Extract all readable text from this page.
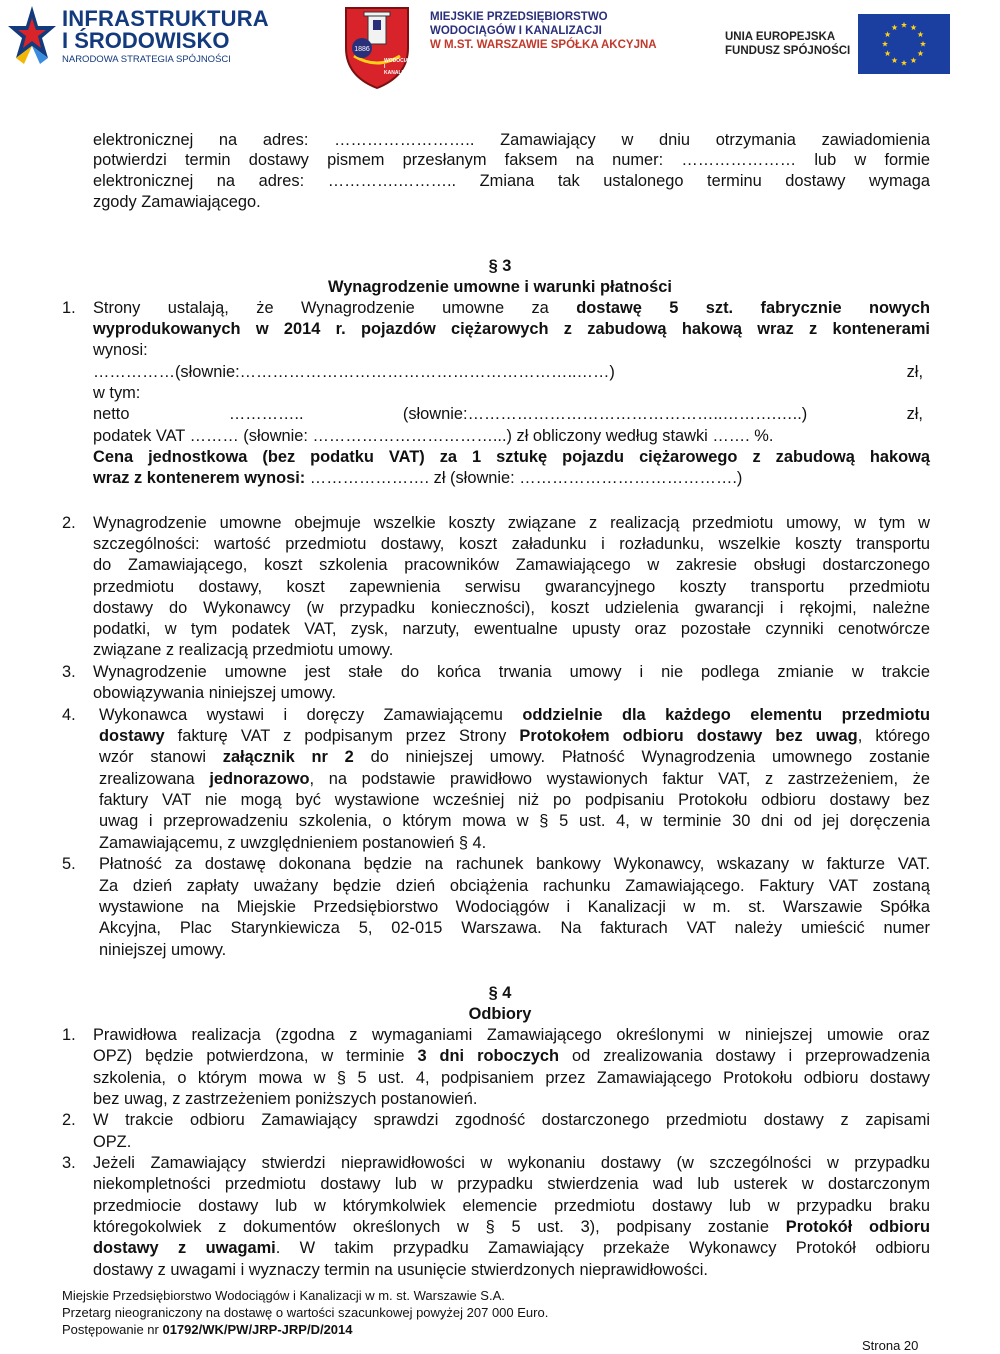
INFRASTRUKTURA
I ŚRODOWISKO
NARODOWA STRATEGIA SPÓJNOŚCI
1886
WODOCIĄGI I KANALIZACJA
MIEJSKIE PRZEDSIĘBIORSTWO
WODOCIĄGÓW I KANALIZACJI
W M.ST. WARSZAWIE SPÓŁKA AKCYJNA
UNIA EUROPEJSKA
FUNDUSZ SPÓJNOŚCI
elektronicznej na adres: …………………….. Zamawiający w dniu otrzymania zawiadomienia
potwierdzi termin dostawy pismem przesłanym faksem na numer: ………………… lub w formie
elektronicznej na adres: ………….……….. Zmiana tak ustalonego terminu dostawy wymaga
zgody Zamawiającego.
§ 3
Wynagrodzenie umowne i warunki płatności
1. Strony ustalają, że Wynagrodzenie umowne za dostawę 5 szt. fabrycznie nowych
wyprodukowanych w 2014 r. pojazdów ciężarowych z zabudową hakową wraz z kontenerami
wynosi:
……………(słownie:……………………………………………………..……) zł,
w tym:
netto ………….. (słownie:………………………………………..……….…..) zł,
podatek VAT ……… (słownie: ……………………………...) zł obliczony według stawki ……. %.
Cena jednostkowa (bez podatku VAT) za 1 sztukę pojazdu ciężarowego z zabudową hakową
wraz z kontenerem wynosi: …………………. zł (słownie: ………………………………….)
2. Wynagrodzenie umowne obejmuje wszelkie koszty związane z realizacją przedmiotu umowy, w tym w
szczególności: wartość przedmiotu dostawy, koszt załadunku i rozładunku, wszelkie koszty transportu
do Zamawiającego, koszt szkolenia pracowników Zamawiającego w zakresie obsługi dostarczonego
przedmiotu dostawy, koszt zapewnienia serwisu gwarancyjnego koszty transportu przedmiotu
dostawy do Wykonawcy (w przypadku konieczności), koszt udzielenia gwarancji i rękojmi, należne
podatki, w tym podatek VAT, zysk, narzuty, ewentualne upusty oraz pozostałe czynniki cenotwórcze
związane z realizacją przedmiotu umowy.
3. Wynagrodzenie umowne jest stałe do końca trwania umowy i nie podlega zmianie w trakcie
obowiązywania niniejszej umowy.
4. Wykonawca wystawi i doręczy Zamawiającemu oddzielnie dla każdego elementu przedmiotu
dostawy fakturę VAT z podpisanym przez Strony Protokołem odbioru dostawy bez uwag, którego
wzór stanowi załącznik nr 2 do niniejszej umowy. Płatność Wynagrodzenia umownego zostanie
zrealizowana jednorazowo, na podstawie prawidłowo wystawionych faktur VAT, z zastrzeżeniem, że
faktury VAT nie mogą być wystawione wcześniej niż po podpisaniu Protokołu odbioru dostawy bez
uwag i przeprowadzeniu szkolenia, o którym mowa w § 5 ust. 4, w terminie 30 dni od jej doręczenia
Zamawiającemu, z uwzględnieniem postanowień § 4.
5. Płatność za dostawę dokonana będzie na rachunek bankowy Wykonawcy, wskazany w fakturze VAT.
Za dzień zapłaty uważany będzie dzień obciążenia rachunku Zamawiającego. Faktury VAT zostaną
wystawione na Miejskie Przedsiębiorstwo Wodociągów i Kanalizacji w m. st. Warszawie Spółka
Akcyjna, Plac Starynkiewicza 5, 02-015 Warszawa. Na fakturach VAT należy umieścić numer
niniejszej umowy.
§ 4
Odbiory
1. Prawidłowa realizacja (zgodna z wymaganiami Zamawiającego określonymi w niniejszej umowie oraz
OPZ) będzie potwierdzona, w terminie 3 dni roboczych od zrealizowania dostawy i przeprowadzenia
szkolenia, o którym mowa w § 5 ust. 4, podpisaniem przez Zamawiającego Protokołu odbioru dostawy
bez uwag, z zastrzeżeniem poniższych postanowień.
2. W trakcie odbioru Zamawiający sprawdzi zgodność dostarczonego przedmiotu dostawy z zapisami
OPZ.
3. Jeżeli Zamawiający stwierdzi nieprawidłowości w wykonaniu dostawy (w szczególności w przypadku
niekompletności przedmiotu dostawy lub w przypadku stwierdzenia wad lub usterek w dostarczonym
przedmiocie dostawy lub w którymkolwiek elemencie przedmiotu dostawy lub w przypadku braku
któregokolwiek z dokumentów określonych w § 5 ust. 3), podpisany zostanie Protokół odbioru
dostawy z uwagami. W takim przypadku Zamawiający przekaże Wykonawcy Protokół odbioru
dostawy z uwagami i wyznaczy termin na usunięcie stwierdzonych nieprawidłowości.
Miejskie Przedsiębiorstwo Wodociągów i Kanalizacji w m. st. Warszawie S.A.
Przetarg nieograniczony na dostawę o wartości szacunkowej powyżej 207 000 Euro.
Postępowanie nr 01792/WK/PW/JRP-JRP/D/2014
Strona 20
